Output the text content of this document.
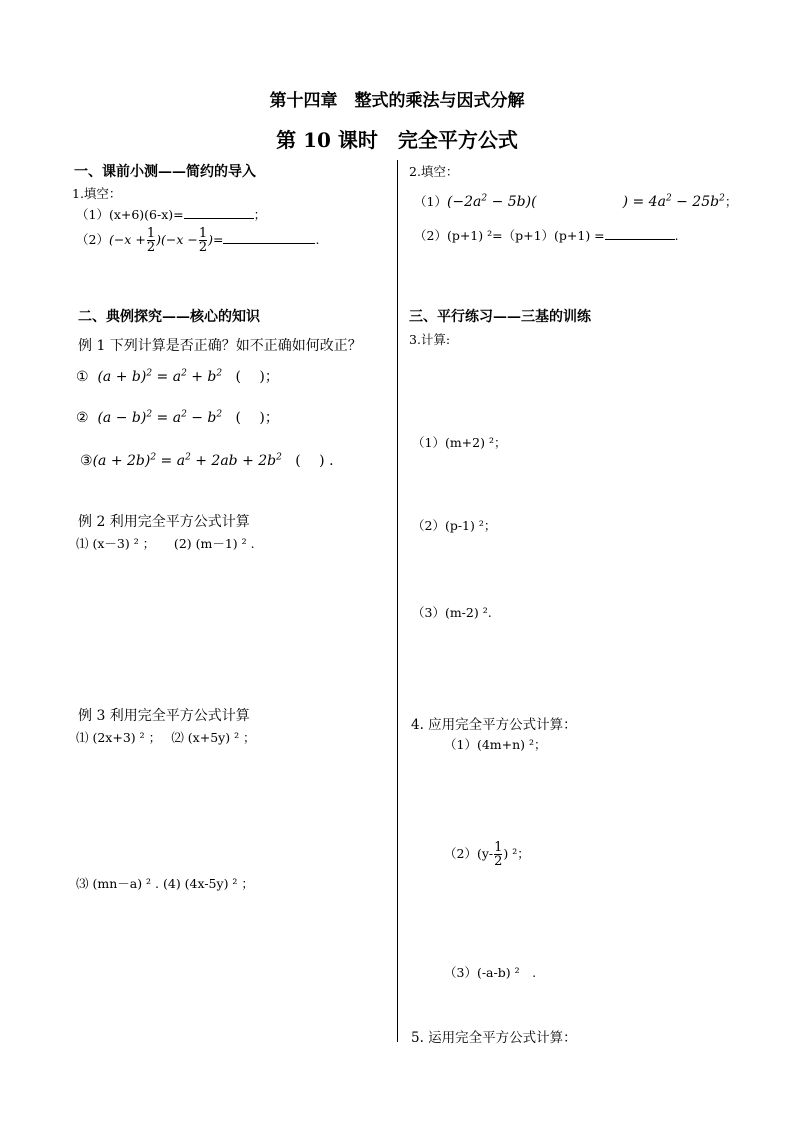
第十四章　整式的乘法与因式分解
第 10 课时　完全平方公式
一、课前小测——简约的导入
1.填空：
（1）(x+6)(6-x)=	；
$(2)(-x + \frac{1}{2} )(-x - \frac{1}{2}$ )=	.
二、典例探究——核心的知识
例 1 下列计算是否正确？如不正确如何改正？
① $(a + b)^2 = a^2 + b^2$ (　 )；
② $(a - b)^2 = a^2 - b^2$ (　 )；
③(a + $2b)^2 = a^2 + 2ab + 2b^2$ (　 ) .
例 2 利用完全平方公式计算
⑴ (x－3) ² ；　　(2) (m－1) ² .
例 3 利用完全平方公式计算
⑴ (2x+3) ² ；　 ⑵ (x+5y) ² ；
⑶ (mn－a) ² . (4) (4x-5y) ² ；
2.填空：
$(1)(-2a^2 - 5b)$(	) = $4a^2 - 25b^2$；
（2）(p+1) ²=（p+1）(p+1) =	.
三、平行练习——三基的训练
3.计算:
（1）(m+2) ²；
（2）(p-1) ²；
（3）(m-2) ².
4. 应用完全平方公式计算：
（1）(4m+n) ²；
$(2)(y- \frac{1}{2}$ ) ²；
（3）(-a-b) ²　.
5. 运用完全平方公式计算：
